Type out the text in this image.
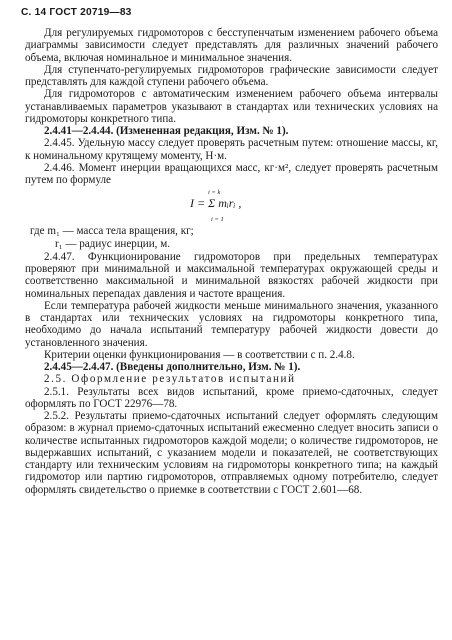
С. 14 ГОСТ 20719—83

Для регулируемых гидромоторов с бесступенчатым изменением рабочего объема диаграммы зависимости следует представлять для различных значений рабочего объема, включая номинальное и минимальное значения.

Для ступенчато-регулируемых гидромоторов графические зависимости следует представлять для каждой ступени рабочего объема.

Для гидромоторов с автоматическим изменением рабочего объема интервалы устанавливаемых параметров указывают в стандартах или технических условиях на гидромоторы конкретного типа.

2.4.41—2.4.44. (Измененная редакция, Изм. № 1).

2.4.45. Удельную массу следует проверять расчетным путем: отношение массы, кг, к номинальному крутящему моменту, Н·м.

2.4.46. Момент инерции вращающихся масс, кг·м², следует проверять расчетным путем по формуле

i = k
I = Σ mᵢrᵢ ,
i = 1

где m₁ — масса тела вращения, кг;

r₁ — радиус инерции, м.

2.4.47. Функционирование гидромоторов при предельных температурах проверяют при минимальной и максимальной температурах окружающей среды и соответственно максимальной и минимальной вязкостях рабочей жидкости при номинальных перепадах давления и частоте вращения.

Если температура рабочей жидкости меньше минимального значения, указанного в стандартах или технических условиях на гидромоторы конкретного типа, необходимо до начала испытаний температуру рабочей жидкости довести до установленного значения.

Критерии оценки функционирования — в соответствии с п. 2.4.8.

2.4.45—2.4.47. (Введены дополнительно, Изм. № 1).

2.5. Оформление результатов испытаний

2.5.1. Результаты всех видов испытаний, кроме приемо-сдаточных, следует оформлять по ГОСТ 22976—78.

2.5.2. Результаты приемо-сдаточных испытаний следует оформлять следующим образом: в журнал приемо-сдаточных испытаний ежесменно следует вносить записи о количестве испытанных гидромоторов каждой модели; о количестве гидромоторов, не выдержавших испытаний, с указанием модели и показателей, не соответствующих стандарту или техническим условиям на гидромоторы конкретного типа; на каждый гидромотор или партию гидромоторов, отправляемых одному потребителю, следует оформлять свидетельство о приемке в соответствии с ГОСТ 2.601—68.
